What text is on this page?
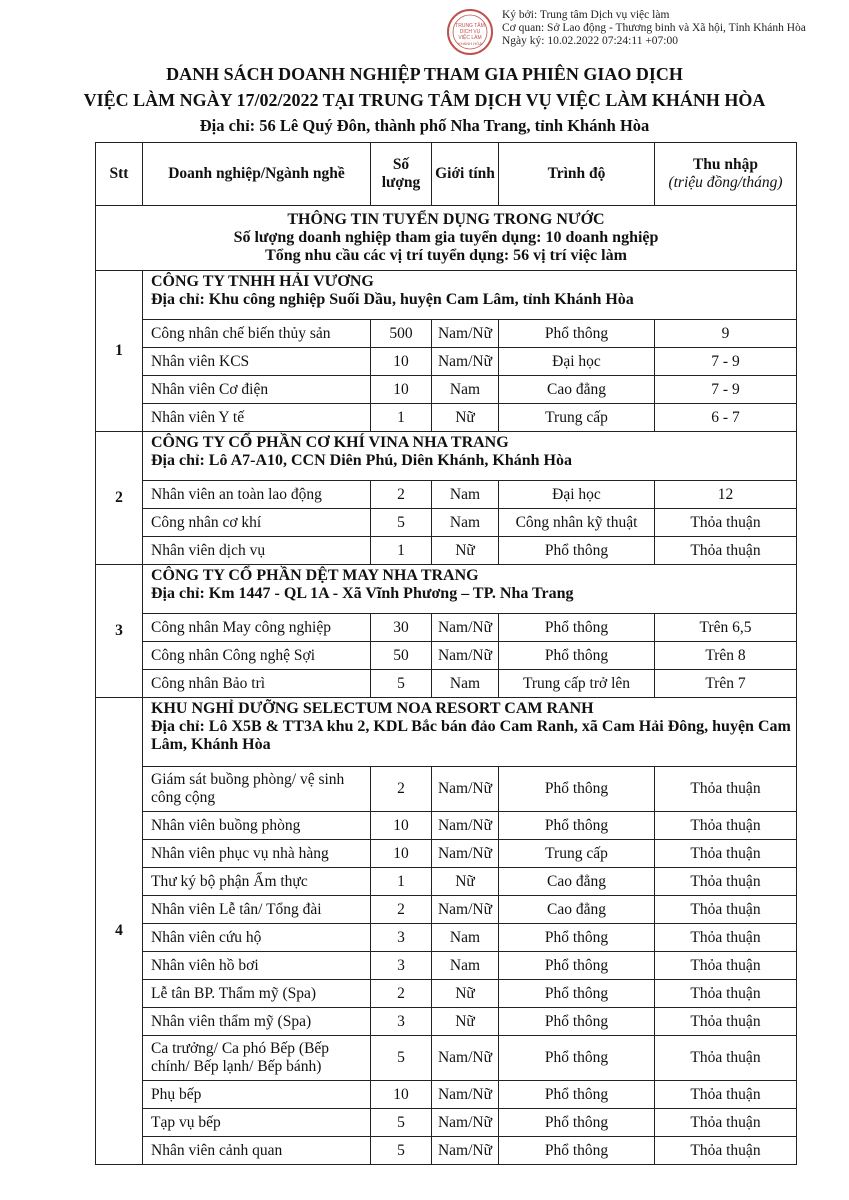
TRUNG TÂM
DỊCH VỤ
VIỆC LÀM
KHÁNH HÒA
Ký bởi: Trung tâm Dịch vụ việc làm
Cơ quan: Sở Lao động - Thương binh và Xã hội, Tỉnh Khánh Hòa
Ngày ký: 10.02.2022 07:24:11 +07:00
DANH SÁCH DOANH NGHIỆP THAM GIA PHIÊN GIAO DỊCH
VIỆC LÀM NGÀY 17/02/2022 TẠI TRUNG TÂM DỊCH VỤ VIỆC LÀM KHÁNH HÒA
Địa chỉ: 56 Lê Quý Đôn, thành phố Nha Trang, tỉnh Khánh Hòa
Stt	Doanh nghiệp/Ngành nghề	Số lượng	Giới tính	Trình độ	Thu nhập
(triệu đồng/tháng)

THÔNG TIN TUYỂN DỤNG TRONG NƯỚC
Số lượng doanh nghiệp tham gia tuyển dụng: 10 doanh nghiệp
Tổng nhu cầu các vị trí tuyển dụng: 56 vị trí việc làm					

1	CÔNG TY TNHH HẢI VƯƠNG
Địa chỉ: Khu công nghiệp Suối Dầu, huyện Cam Lâm, tỉnh Khánh Hòa				

	Công nhân chế biến thủy sản	500	Nam/Nữ	Phổ thông	9
	Nhân viên KCS	10	Nam/Nữ	Đại học	7 - 9
	Nhân viên Cơ điện	10	Nam	Cao đẳng	7 - 9
	Nhân viên Y tế	1	Nữ	Trung cấp	6 - 7
2	CÔNG TY CỔ PHẦN CƠ KHÍ VINA NHA TRANG
Địa chỉ: Lô A7-A10, CCN Diên Phú, Diên Khánh, Khánh Hòa				

	Nhân viên an toàn lao động	2	Nam	Đại học	12
	Công nhân cơ khí	5	Nam	Công nhân kỹ thuật	Thỏa thuận
	Nhân viên dịch vụ	1	Nữ	Phổ thông	Thỏa thuận
3	CÔNG TY CỔ PHẦN DỆT MAY NHA TRANG
Địa chỉ: Km 1447 - QL 1A - Xã Vĩnh Phương – TP. Nha Trang				

	Công nhân May công nghiệp	30	Nam/Nữ	Phổ thông	Trên 6,5
	Công nhân Công nghệ Sợi	50	Nam/Nữ	Phổ thông	Trên 8
	Công nhân Bảo trì	5	Nam	Trung cấp trở lên	Trên 7
4	KHU NGHỈ DƯỠNG SELECTUM NOA RESORT CAM RANH
Địa chỉ: Lô X5B & TT3A khu 2, KDL Bắc bán đảo Cam Ranh, xã Cam Hải Đông, huyện Cam Lâm, Khánh Hòa				

	Giám sát buồng phòng/ vệ sinh công cộng	2	Nam/Nữ	Phổ thông	Thỏa thuận
	Nhân viên buồng phòng	10	Nam/Nữ	Phổ thông	Thỏa thuận
	Nhân viên phục vụ nhà hàng	10	Nam/Nữ	Trung cấp	Thỏa thuận
	Thư ký bộ phận Ẩm thực	1	Nữ	Cao đẳng	Thỏa thuận
	Nhân viên Lễ tân/ Tổng đài	2	Nam/Nữ	Cao đẳng	Thỏa thuận
	Nhân viên cứu hộ	3	Nam	Phổ thông	Thỏa thuận
	Nhân viên hồ bơi	3	Nam	Phổ thông	Thỏa thuận
	Lễ tân BP. Thẩm mỹ (Spa)	2	Nữ	Phổ thông	Thỏa thuận
	Nhân viên thẩm mỹ (Spa)	3	Nữ	Phổ thông	Thỏa thuận
	Ca trưởng/ Ca phó Bếp (Bếp chính/ Bếp lạnh/ Bếp bánh)	5	Nam/Nữ	Phổ thông	Thỏa thuận
	Phụ bếp	10	Nam/Nữ	Phổ thông	Thỏa thuận
	Tạp vụ bếp	5	Nam/Nữ	Phổ thông	Thỏa thuận
	Nhân viên cảnh quan	5	Nam/Nữ	Phổ thông	Thỏa thuận
